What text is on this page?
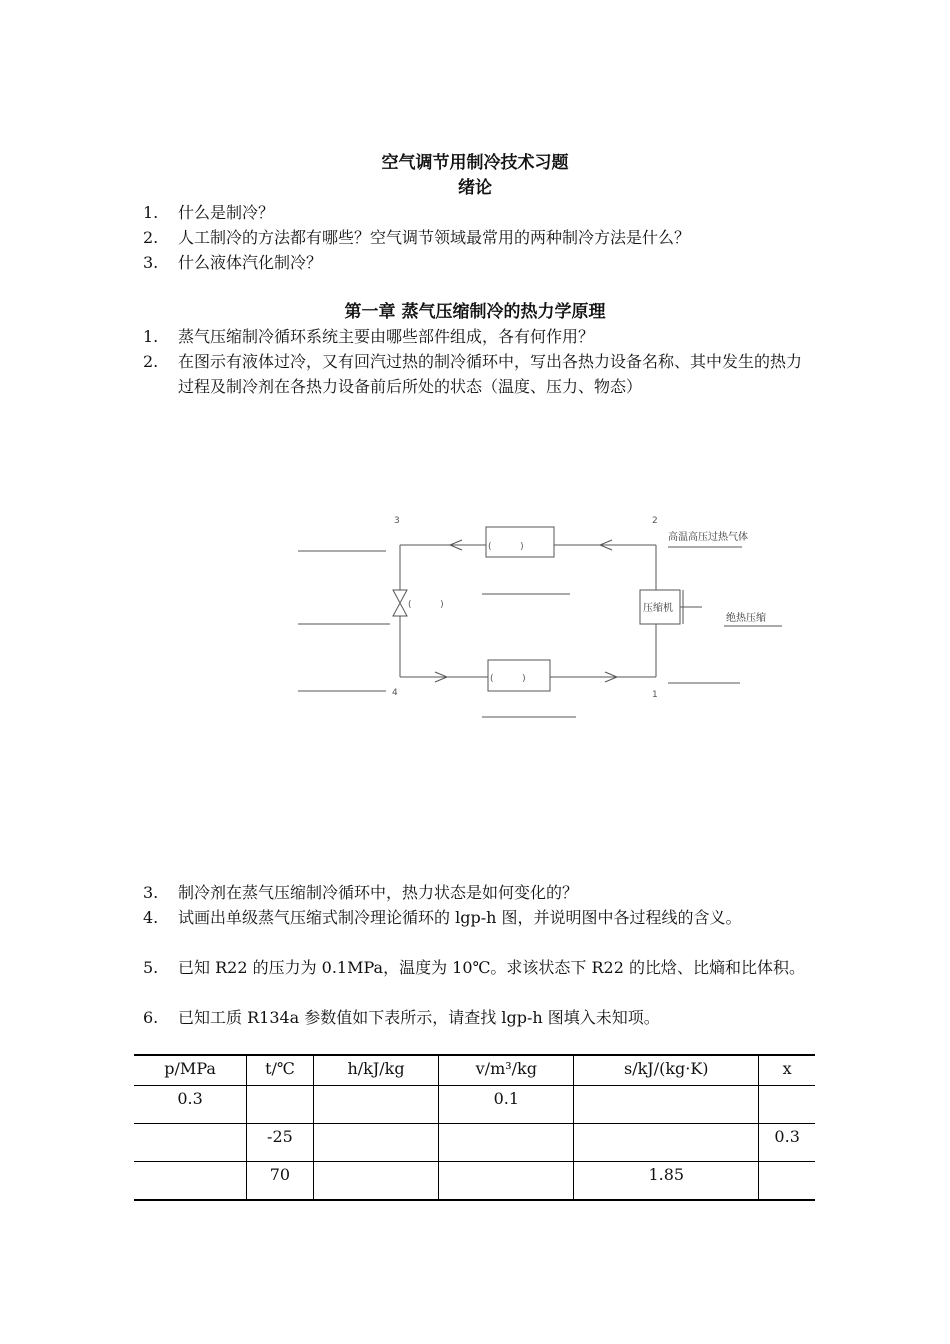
空气调节用制冷技术习题
绪论
1.	什么是制冷？
2.	人工制冷的方法都有哪些？空气调节领域最常用的两种制冷方法是什么？
3.	什么液体汽化制冷？
第一章 蒸气压缩制冷的热力学原理
1.	蒸气压缩制冷循环系统主要由哪些部件组成，各有何作用？
2.	在图示有液体过冷，又有回汽过热的制冷循环中，写出各热力设备名称、其中发生的热力过程及制冷剂在各热力设备前后所处的状态（温度、压力、物态）
3	2
4	1
(          )
(          )
(          )	压缩机
高温高压过热气体
绝热压缩
3.	制冷剂在蒸气压缩制冷循环中，热力状态是如何变化的？
4.	试画出单级蒸气压缩式制冷理论循环的 lgp-h 图，并说明图中各过程线的含义。
5.	已知 R22 的压力为 0.1MPa，温度为 10℃。求该状态下 R22 的比焓、比熵和比体积。
6.	已知工质 R134a 参数值如下表所示，请查找 lgp-h 图填入未知项。
p/MPa	t/℃	h/kJ/kg	v/m³/kg	s/kJ/(kg·K)	x
0.3			0.1		
	-25				0.3
	70			1.85	
